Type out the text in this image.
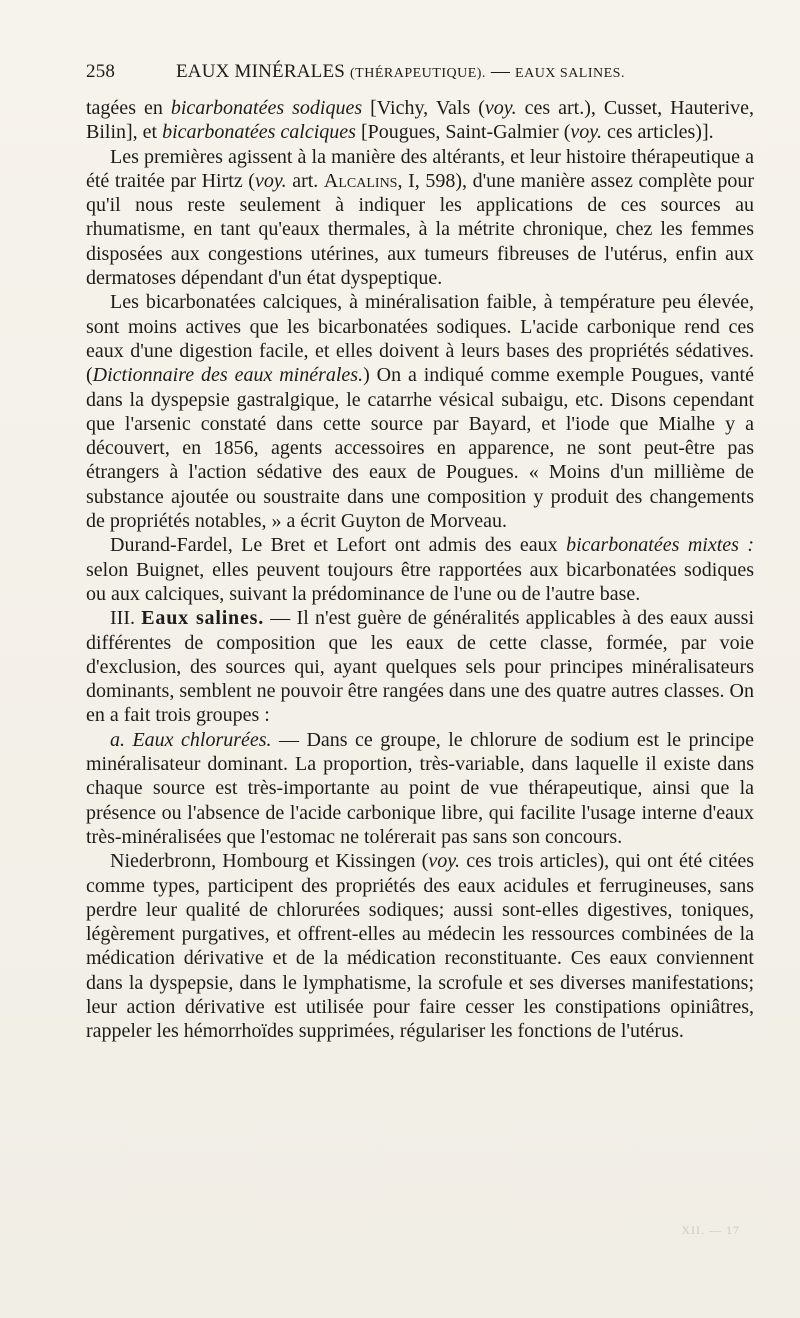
258	EAUX MINÉRALES (THÉRAPEUTIQUE). — EAUX SALINES.

tagées en bicarbonatées sodiques [Vichy, Vals (voy. ces art.), Cusset, Hauterive, Bilin], et bicarbonatées calciques [Pougues, Saint-Galmier (voy. ces articles)].

Les premières agissent à la manière des altérants, et leur histoire thérapeutique a été traitée par Hirtz (voy. art. Alcalins, I, 598), d'une manière assez complète pour qu'il nous reste seulement à indiquer les applications de ces sources au rhumatisme, en tant qu'eaux thermales, à la métrite chronique, chez les femmes disposées aux congestions utérines, aux tumeurs fibreuses de l'utérus, enfin aux dermatoses dépendant d'un état dyspeptique.

Les bicarbonatées calciques, à minéralisation faible, à température peu élevée, sont moins actives que les bicarbonatées sodiques. L'acide carbonique rend ces eaux d'une digestion facile, et elles doivent à leurs bases des propriétés sédatives. (Dictionnaire des eaux minérales.) On a indiqué comme exemple Pougues, vanté dans la dyspepsie gastralgique, le catarrhe vésical subaigu, etc. Disons cependant que l'arsenic constaté dans cette source par Bayard, et l'iode que Mialhe y a découvert, en 1856, agents accessoires en apparence, ne sont peut-être pas étrangers à l'action sédative des eaux de Pougues. « Moins d'un millième de substance ajoutée ou soustraite dans une composition y produit des changements de propriétés notables, » a écrit Guyton de Morveau.

Durand-Fardel, Le Bret et Lefort ont admis des eaux bicarbonatées mixtes : selon Buignet, elles peuvent toujours être rapportées aux bicarbonatées sodiques ou aux calciques, suivant la prédominance de l'une ou de l'autre base.

III. Eaux salines. — Il n'est guère de généralités applicables à des eaux aussi différentes de composition que les eaux de cette classe, formée, par voie d'exclusion, des sources qui, ayant quelques sels pour principes minéralisateurs dominants, semblent ne pouvoir être rangées dans une des quatre autres classes. On en a fait trois groupes :

a. Eaux chlorurées. — Dans ce groupe, le chlorure de sodium est le principe minéralisateur dominant. La proportion, très-variable, dans laquelle il existe dans chaque source est très-importante au point de vue thérapeutique, ainsi que la présence ou l'absence de l'acide carbonique libre, qui facilite l'usage interne d'eaux très-minéralisées que l'estomac ne tolérerait pas sans son concours.

Niederbronn, Hombourg et Kissingen (voy. ces trois articles), qui ont été citées comme types, participent des propriétés des eaux acidules et ferrugineuses, sans perdre leur qualité de chlorurées sodiques; aussi sont-elles digestives, toniques, légèrement purgatives, et offrent-elles au médecin les ressources combinées de la médication dérivative et de la médication reconstituante. Ces eaux conviennent dans la dyspepsie, dans le lymphatisme, la scrofule et ses diverses manifestations; leur action dérivative est utilisée pour faire cesser les constipations opiniâtres, rappeler les hémorrhoïdes supprimées, régulariser les fonctions de l'utérus.

XII. — 17
